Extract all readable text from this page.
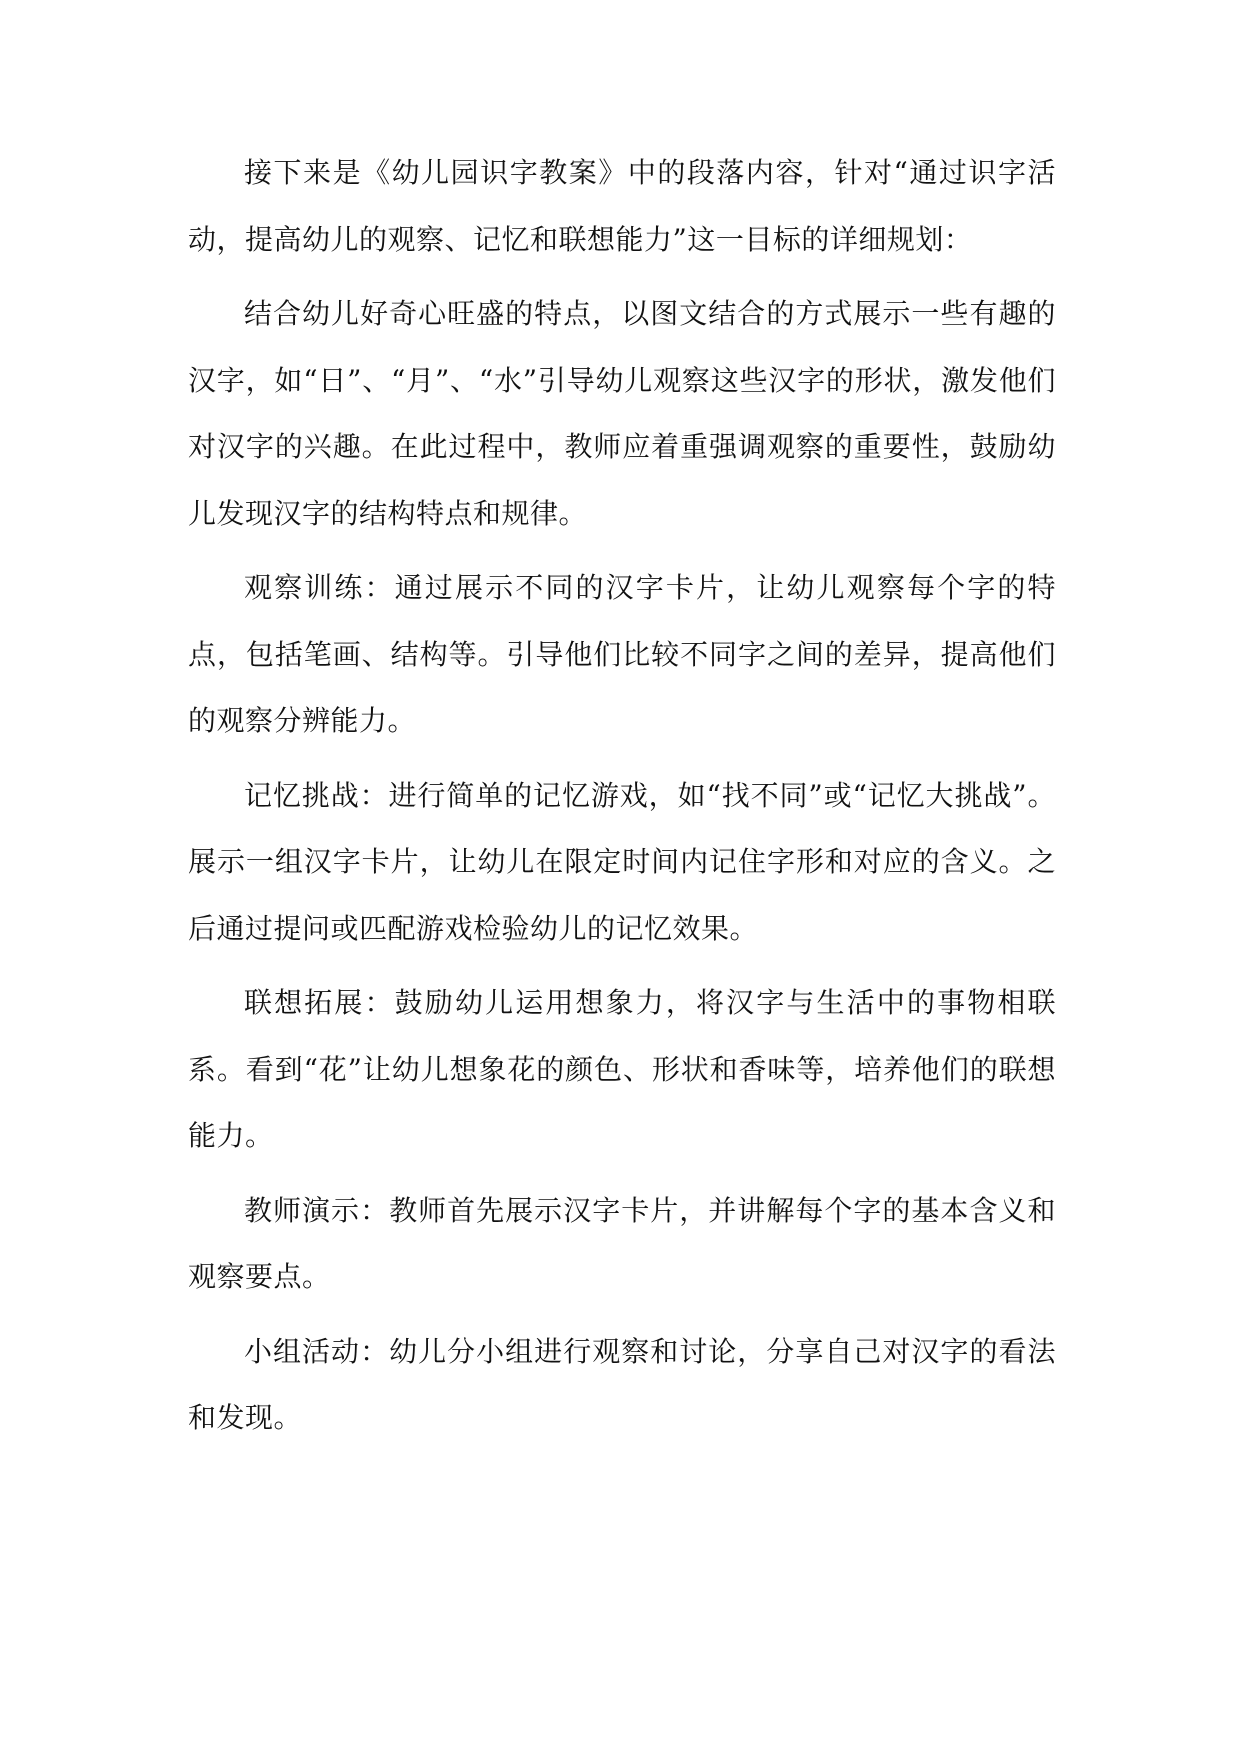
接下来是《幼儿园识字教案》中的段落内容，针对“通过识字活动，提高幼儿的观察、记忆和联想能力”这一目标的详细规划：

结合幼儿好奇心旺盛的特点，以图文结合的方式展示一些有趣的汉字，如“日”、“月”、“水”引导幼儿观察这些汉字的形状，激发他们对汉字的兴趣。在此过程中，教师应着重强调观察的重要性，鼓励幼儿发现汉字的结构特点和规律。

观察训练：通过展示不同的汉字卡片，让幼儿观察每个字的特点，包括笔画、结构等。引导他们比较不同字之间的差异，提高他们的观察分辨能力。

记忆挑战：进行简单的记忆游戏，如“找不同”或“记忆大挑战”。展示一组汉字卡片，让幼儿在限定时间内记住字形和对应的含义。之后通过提问或匹配游戏检验幼儿的记忆效果。

联想拓展：鼓励幼儿运用想象力，将汉字与生活中的事物相联系。看到“花”让幼儿想象花的颜色、形状和香味等，培养他们的联想能力。

教师演示：教师首先展示汉字卡片，并讲解每个字的基本含义和观察要点。

小组活动：幼儿分小组进行观察和讨论，分享自己对汉字的看法和发现。
